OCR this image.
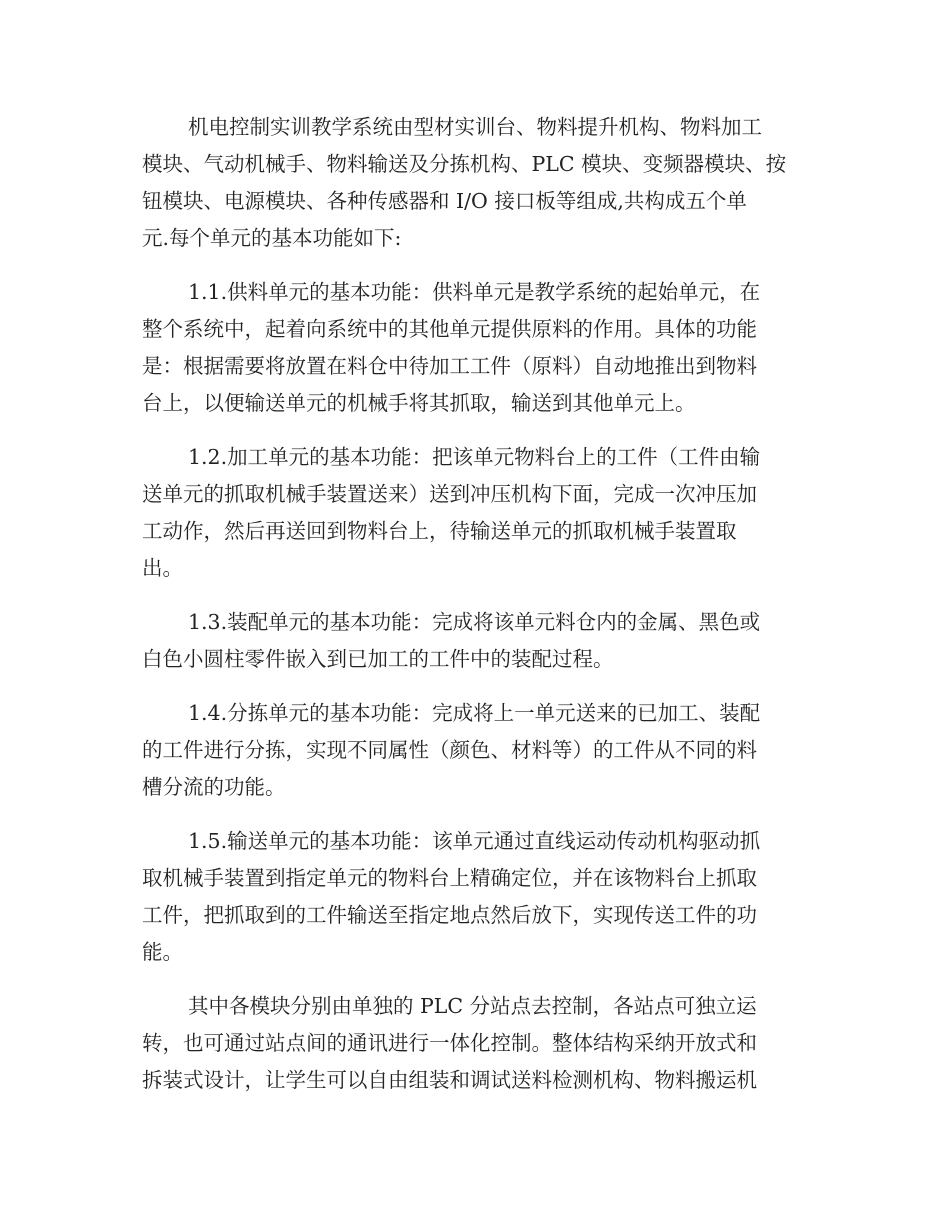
机电控制实训教学系统由型材实训台、物料提升机构、物料加工

模块、气动机械手、物料输送及分拣机构、PLC 模块、变频器模块、按

钮模块、电源模块、各种传感器和 I/O 接口板等组成,共构成五个单

元.每个单元的基本功能如下:

1.1.供料单元的基本功能：供料单元是教学系统的起始单元，在

整个系统中，起着向系统中的其他单元提供原料的作用。具体的功能

是：根据需要将放置在料仓中待加工工件（原料）自动地推出到物料

台上，以便输送单元的机械手将其抓取，输送到其他单元上。

1.2.加工单元的基本功能：把该单元物料台上的工件（工件由输

送单元的抓取机械手装置送来）送到冲压机构下面，完成一次冲压加

工动作，然后再送回到物料台上，待输送单元的抓取机械手装置取

出。

1.3.装配单元的基本功能：完成将该单元料仓内的金属、黑色或

白色小圆柱零件嵌入到已加工的工件中的装配过程。

1.4.分拣单元的基本功能：完成将上一单元送来的已加工、装配

的工件进行分拣，实现不同属性（颜色、材料等）的工件从不同的料

槽分流的功能。

1.5.输送单元的基本功能：该单元通过直线运动传动机构驱动抓

取机械手装置到指定单元的物料台上精确定位，并在该物料台上抓取

工件，把抓取到的工件输送至指定地点然后放下，实现传送工件的功

能。

其中各模块分别由单独的 PLC 分站点去控制，各站点可独立运

转，也可通过站点间的通讯进行一体化控制。整体结构采纳开放式和

拆装式设计，让学生可以自由组装和调试送料检测机构、物料搬运机
